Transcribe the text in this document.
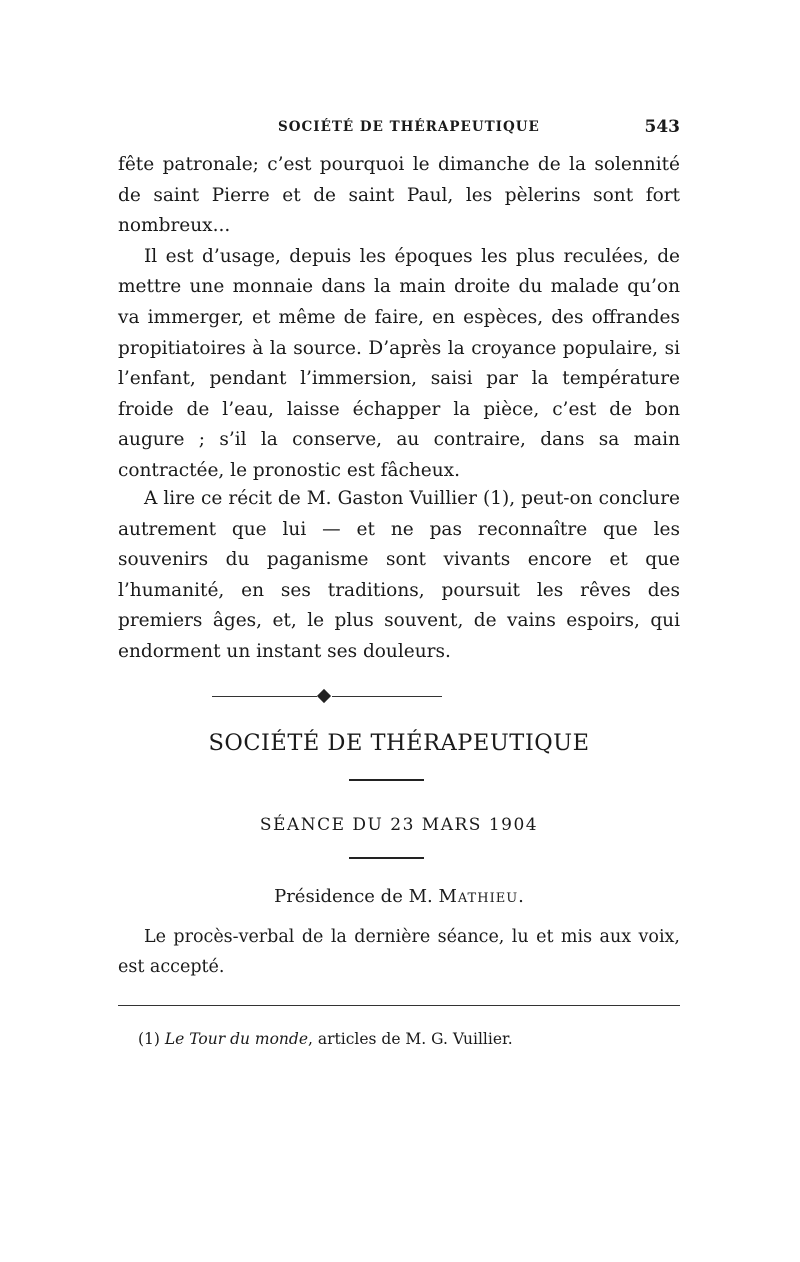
SOCIÉTÉ DE THÉRAPEUTIQUE	543

fête patronale; c’est pourquoi le dimanche de la solennité de saint Pierre et de saint Paul, les pèlerins sont fort nombreux...

Il est d’usage, depuis les époques les plus reculées, de mettre une monnaie dans la main droite du malade qu’on va immerger, et même de faire, en espèces, des offrandes propitiatoires à la source. D’après la croyance populaire, si l’enfant, pendant l’immersion, saisi par la température froide de l’eau, laisse échapper la pièce, c’est de bon augure ; s’il la conserve, au contraire, dans sa main contractée, le pronostic est fâcheux.

A lire ce récit de M. Gaston Vuillier (1), peut-on conclure autrement que lui — et ne pas reconnaître que les souvenirs du paganisme sont vivants encore et que l’humanité, en ses traditions, poursuit les rêves des premiers âges, et, le plus souvent, de vains espoirs, qui endorment un instant ses douleurs.

SOCIÉTÉ DE THÉRAPEUTIQUE
SÉANCE DU 23 MARS 1904
Présidence de M. Mathieu.

Le procès-verbal de la dernière séance, lu et mis aux voix, est accepté.

(1) Le Tour du monde, articles de M. G. Vuillier.
